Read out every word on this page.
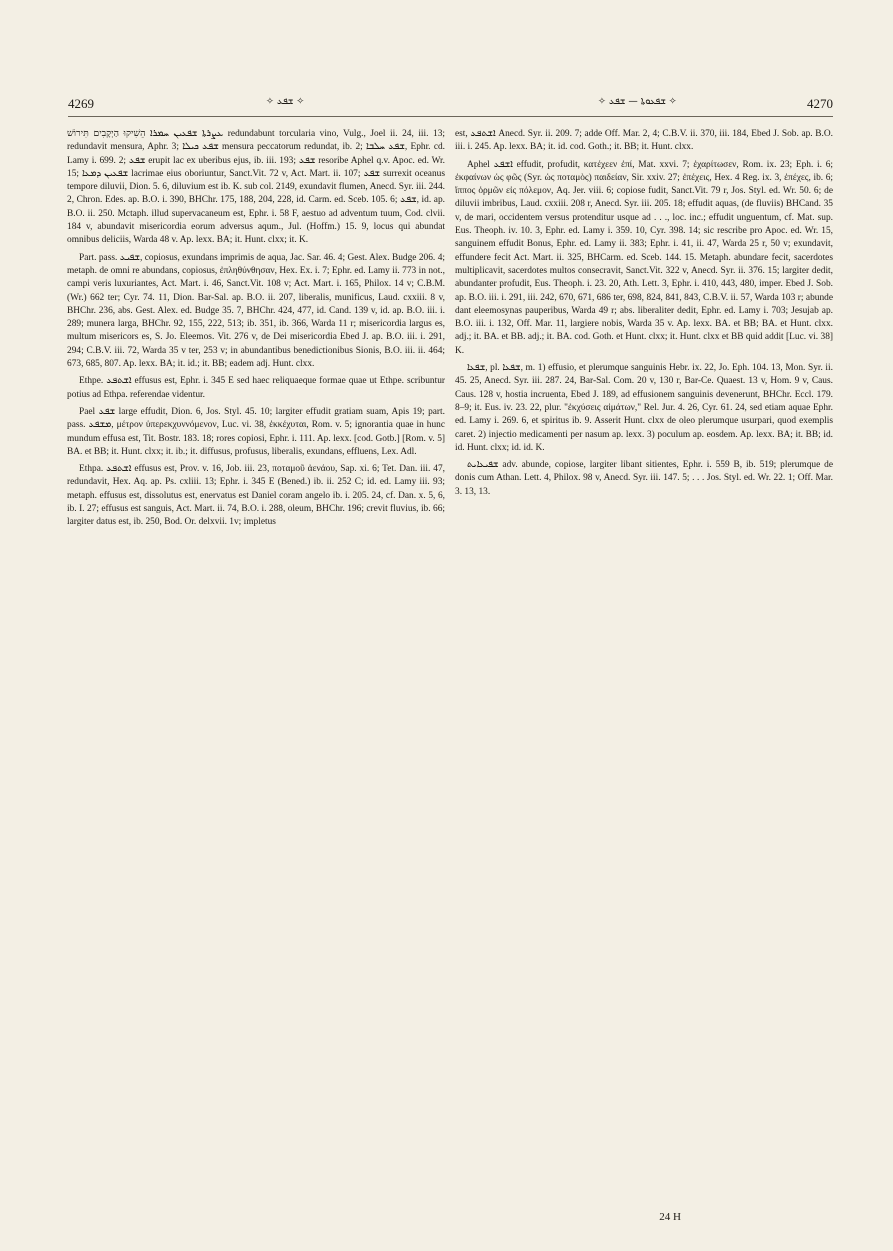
4269	✧ ܫܦܥ ✧	✧ ܫܦܥܘܬܐ — ܫܦܥ ✧	4270

ܥܨܪܬܐ ܫܦܥܝܢ ܚܡܪܐ הֵשִׁיקוּ הַיְקָבִים תִּירוֹשׁ redundabunt torcularia vino, Vulg., Joel ii. 24, iii. 13; redundavit mensura, Aphr. 3; ܫܦܥ ܟܝܠܐ mensura peccatorum redundat, ib. 2; ܫܦܥ ܚܠܒܐ, Ephr. cd. Lamy i. 699. 2; ܫܦܥ erupit lac ex uberibus ejus, ib. iii. 193; ܫܦܥ resoribe Aphel q.v. Apoc. ed. Wr. 15; ܫܦܥܝܢ ܕܡܥܐ lacrimae eius oboriuntur, Sanct.Vit. 72 v, Act. Mart. ii. 107; ܫܦܥ surrexit oceanus tempore diluvii, Dion. 5. 6, diluvium est ib. K. sub col. 2149, exundavit flumen, Anecd. Syr. iii. 244. 2, Chron. Edes. ap. B.O. i. 390, BHChr. 175, 188, 204, 228, id. Carm. ed. Sceb. 105. 6; ܫܦܥ, id. ap. B.O. ii. 250. Mctaph. illud supervacaneum est, Ephr. i. 58 F, aestuo ad adventum tuum, Cod. clvii. 184 v, abundavit misericordia eorum adversus aqum., Jul. (Hoffm.) 15. 9, locus qui abundat omnibus deliciis, Warda 48 v. Ap. lexx. BA; it. Hunt. clxx; it. K.

Part. pass. ܫܦܝܥ, copiosus, exundans imprimis de aqua, Jac. Sar. 46. 4; Gest. Alex. Budge 206. 4; metaph. de omni re abundans, copiosus, ἐπληθύνθησαν, Hex. Ex. i. 7; Ephr. ed. Lamy ii. 773 in not., campi veris luxuriantes, Act. Mart. i. 46, Sanct.Vit. 108 v; Act. Mart. i. 165, Philox. 14 v; C.B.M. (Wr.) 662 ter; Cyr. 74. 11, Dion. Bar-Sal. ap. B.O. ii. 207, liberalis, munificus, Laud. cxxiii. 8 v, BHChr. 236, abs. Gest. Alex. ed. Budge 35. 7, BHChr. 424, 477, id. Cand. 139 v, id. ap. B.O. iii. i. 289; munera larga, BHChr. 92, 155, 222, 513; ib. 351, ib. 366, Warda 11 r; misericordia largus es, multum misericors es, S. Jo. Eleemos. Vit. 276 v, de Dei misericordia Ebed J. ap. B.O. iii. i. 291, 294; C.B.V. iii. 72, Warda 35 v ter, 253 v; in abundantibus benedictionibus Sionis, B.O. iii. ii. 464; 673, 685, 807. Ap. lexx. BA; it. id.; it. BB; eadem adj. Hunt. clxx.

Ethpe. ܐܫܬܦܥ effusus est, Ephr. i. 345 E sed haec reliquaeque formae quae ut Ethpe. scribuntur potius ad Ethpa. referendae videntur.

Pael ܫܦܥ large effudit, Dion. 6, Jos. Styl. 45. 10; largiter effudit gratiam suam, Apis 19; part. pass. ܡܫܦܥ, μέτρον ὑπερεκχυννόμενον, Luc. vi. 38, ἐκκέχυται, Rom. v. 5; ignorantia quae in hunc mundum effusa est, Tit. Bostr. 183. 18; rores copiosi, Ephr. i. 111. Ap. lexx. [cod. Gotb.] [Rom. v. 5] BA. et BB; it. Hunt. clxx; it. ib.; it. diffusus, profusus, liberalis, exundans, effluens, Lex. Adl.

Ethpa. ܐܫܬܦܥ effusus est, Prov. v. 16, Job. iii. 23, ποταμοῦ ἀενάου, Sap. xi. 6; Tet. Dan. iii. 47, redundavit, Hex. Aq. ap. Ps. cxliii. 13; Ephr. i. 345 E (Bened.) ib. ii. 252 C; id. ed. Lamy iii. 93; metaph. effusus est, dissolutus est, enervatus est Daniel coram angelo ib. i. 205. 24, cf. Dan. x. 5, 6, ib. I. 27; effusus est sanguis, Act. Mart. ii. 74, B.O. i. 288, oleum, BHChr. 196; crevit fluvius, ib. 66; largiter datus est, ib. 250, Bod. Or. delxvii. 1v; impletus

est, ܐܫܬܦܥ Anecd. Syr. ii. 209. 7; adde Off. Mar. 2, 4; C.B.V. ii. 370, iii. 184, Ebed J. Sob. ap. B.O. iii. i. 245. Ap. lexx. BA; it. id. cod. Goth.; it. BB; it. Hunt. clxx.

Aphel ܐܫܦܥ effudit, profudit, κατέχεεν ἐπί, Mat. xxvi. 7; ἐχαρίτωσεν, Rom. ix. 23; Eph. i. 6; ἐκφαίνων ὡς φῶς (Syr. ὡς ποταμὸς) παιδείαν, Sir. xxiv. 27; ἐπέχεις, Hex. 4 Reg. ix. 3, ἐπέχες, ib. 6; ἵππος ὁρμῶν εἰς πόλεμον, Aq. Jer. viii. 6; copiose fudit, Sanct.Vit. 79 r, Jos. Styl. ed. Wr. 50. 6; de diluvii imbribus, Laud. cxxiii. 208 r, Anecd. Syr. iii. 205. 18; effudit aquas, (de fluviis) BHCand. 35 v, de mari, occidentem versus protenditur usque ad . . ., loc. inc.; effudit unguentum, cf. Mat. sup. Eus. Theoph. iv. 10. 3, Ephr. ed. Lamy i. 359. 10, Cyr. 398. 14; sic rescribe pro Apoc. ed. Wr. 15, sanguinem effudit Bonus, Ephr. ed. Lamy ii. 383; Ephr. i. 41, ii. 47, Warda 25 r, 50 v; exundavit, effundere fecit Act. Mart. ii. 325, BHCarm. ed. Sceb. 144. 15. Metaph. abundare fecit, sacerdotes multiplicavit, sacerdotes multos consecravit, Sanct.Vit. 322 v, Anecd. Syr. ii. 376. 15; largiter dedit, abundanter profudit, Eus. Theoph. i. 23. 20, Ath. Lett. 3, Ephr. i. 410, 443, 480, imper. Ebed J. Sob. ap. B.O. iii. i. 291, iii. 242, 670, 671, 686 ter, 698, 824, 841, 843, C.B.V. ii. 57, Warda 103 r; abunde dant eleemosynas pauperibus, Warda 49 r; abs. liberaliter dedit, Ephr. ed. Lamy i. 703; Jesujab ap. B.O. iii. i. 132, Off. Mar. 11, largiere nobis, Warda 35 v. Ap. lexx. BA. et BB; BA. et Hunt. clxx. adj.; it. BA. et BB. adj.; it. BA. cod. Goth. et Hunt. clxx; it. Hunt. clxx et BB quid addit [Luc. vi. 38] K.

ܫܦܥܐ, pl. ܫܦܥܐ, m. 1) effusio, et plerumque sanguinis Hebr. ix. 22, Jo. Eph. 104. 13, Mon. Syr. ii. 45. 25, Anecd. Syr. iii. 287. 24, Bar-Sal. Com. 20 v, 130 r, Bar-Ce. Quaest. 13 v, Hom. 9 v, Caus. Caus. 128 v, hostia incruenta, Ebed J. 189, ad effusionem sanguinis devenerunt, BHChr. Eccl. 179. 8–9; it. Eus. iv. 23. 22, plur. "ἐκχύσεις αἱμάτων," Rel. Jur. 4. 26, Cyr. 61. 24, sed etiam aquae Ephr. ed. Lamy i. 269. 6, et spiritus ib. 9. Asserit Hunt. clxx de oleo plerumque usurpari, quod exemplis caret. 2) injectio medicamenti per nasum ap. lexx. 3) poculum ap. eosdem. Ap. lexx. BA; it. BB; id. id. Hunt. clxx; id. id. K.

ܫܦܝܥܐܝܬ adv. abunde, copiose, largiter libant sitientes, Ephr. i. 559 B, ib. 519; plerumque de donis cum Athan. Lett. 4, Philox. 98 v, Anecd. Syr. iii. 147. 5; . . . Jos. Styl. ed. Wr. 22. 1; Off. Mar. 3. 13, 13.

24 H
